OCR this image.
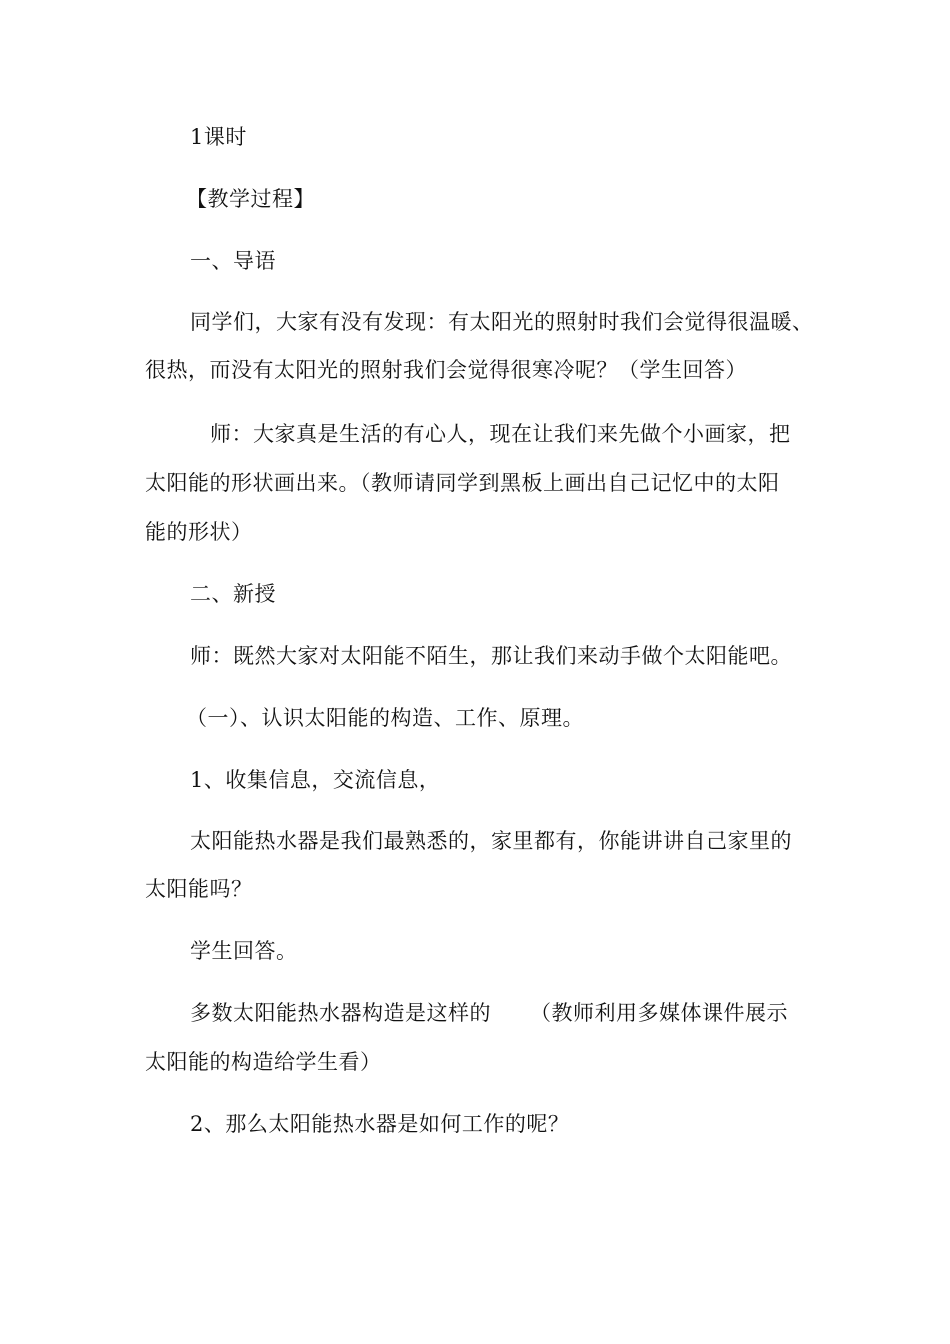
1课时
【教学过程】
一、导语
同学们，大家有没有发现：有太阳光的照射时我们会觉得很温暖、
很热，而没有太阳光的照射我们会觉得很寒冷呢？（学生回答）
师：大家真是生活的有心人，现在让我们来先做个小画家，把
太阳能的形状画出来。（教师请同学到黑板上画出自己记忆中的太阳
能的形状）
二、新授
师：既然大家对太阳能不陌生，那让我们来动手做个太阳能吧。
（一）、认识太阳能的构造、工作、原理。
1、收集信息，交流信息，
太阳能热水器是我们最熟悉的，家里都有，你能讲讲自己家里的
太阳能吗？
学生回答。
多数太阳能热水器构造是这样的	（教师利用多媒体课件展示
太阳能的构造给学生看）
2、那么太阳能热水器是如何工作的呢？
